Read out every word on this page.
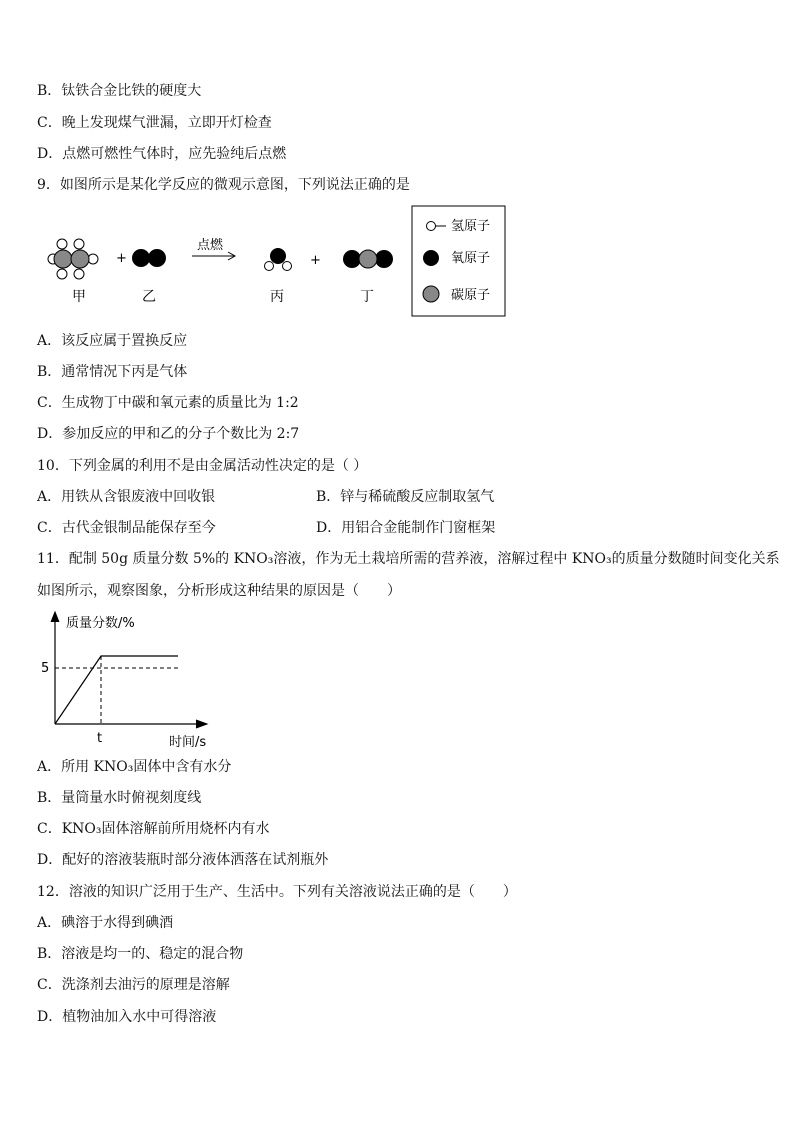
B．钛铁合金比铁的硬度大
C．晚上发现煤气泄漏，立即开灯检查
D．点燃可燃性气体时，应先验纯后点燃
9．如图所示是某化学反应的微观示意图，下列说法正确的是
+
点燃
+
甲	乙	丙	丁
氢原子
氧原子
碳原子
A．该反应属于置换反应
B．通常情况下丙是气体
C．生成物丁中碳和氧元素的质量比为 1:2
D．参加反应的甲和乙的分子个数比为 2:7
10．下列金属的利用不是由金属活动性决定的是（ ）
A．用铁从含银废液中回收银	B．锌与稀硫酸反应制取氢气
C．古代金银制品能保存至今	D．用铝合金能制作门窗框架
11．配制 50g 质量分数 5%的 KNO₃溶液，作为无土栽培所需的营养液，溶解过程中 KNO₃的质量分数随时间变化关系
如图所示，观察图象，分析形成这种结果的原因是（　　）
质量分数/%
5
t	时间/s
A．所用 KNO₃固体中含有水分
B．量筒量水时俯视刻度线
C．KNO₃固体溶解前所用烧杯内有水
D．配好的溶液装瓶时部分液体洒落在试剂瓶外
12．溶液的知识广泛用于生产、生活中。下列有关溶液说法正确的是（　　）
A．碘溶于水得到碘酒
B．溶液是均一的、稳定的混合物
C．洗涤剂去油污的原理是溶解
D．植物油加入水中可得溶液
